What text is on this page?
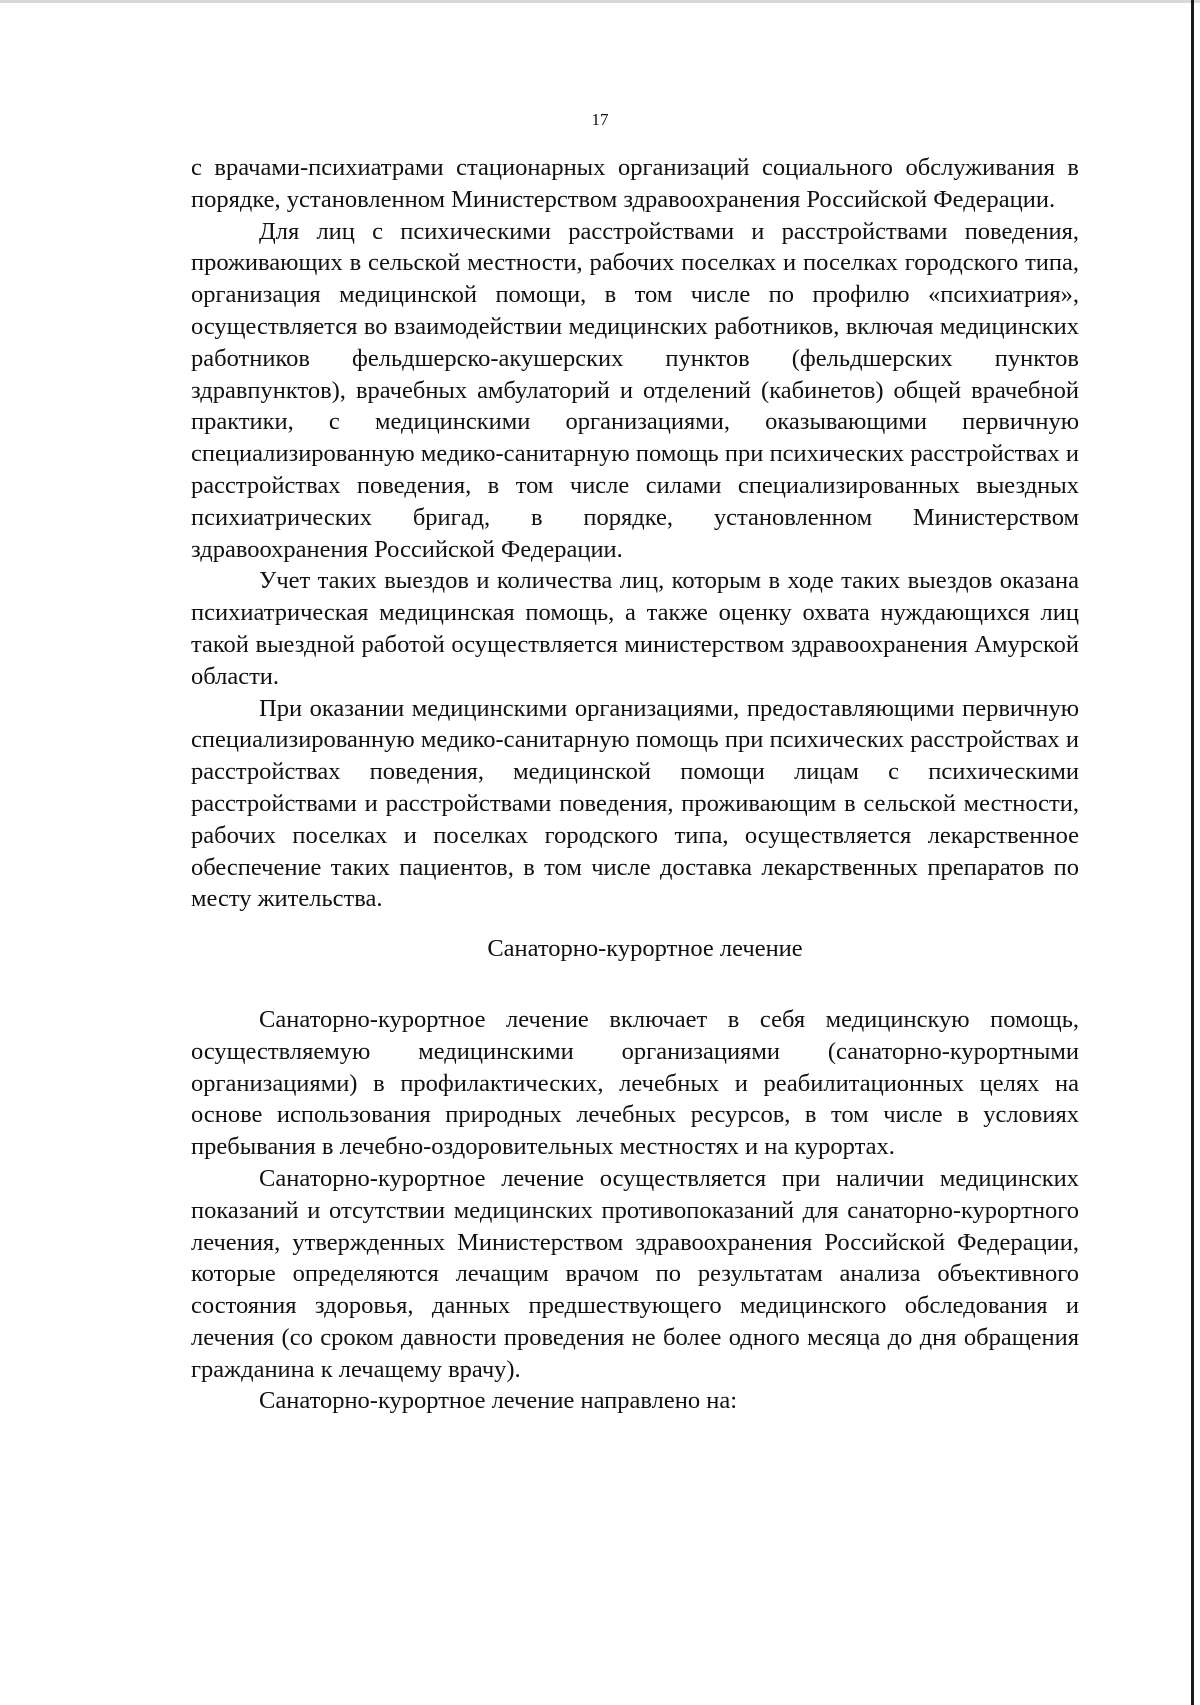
17

с врачами-психиатрами стационарных организаций социального обслуживания в порядке, установленном Министерством здравоохранения Российской Федерации.

Для лиц с психическими расстройствами и расстройствами поведения, проживающих в сельской местности, рабочих поселках и поселках городского типа, организация медицинской помощи, в том числе по профилю «психиатрия», осуществляется во взаимодействии медицинских работников, включая медицинских работников фельдшерско-акушерских пунктов (фельдшерских пунктов здравпунктов), врачебных амбулаторий и отделений (кабинетов) общей врачебной практики, с медицинскими организациями, оказывающими первичную специализированную медико-санитарную помощь при психических расстройствах и расстройствах поведения, в том числе силами специализированных выездных психиатрических бригад, в порядке, установленном Министерством здравоохранения Российской Федерации.

Учет таких выездов и количества лиц, которым в ходе таких выездов оказана психиатрическая медицинская помощь, а также оценку охвата нуждающихся лиц такой выездной работой осуществляется министерством здравоохранения Амурской области.

При оказании медицинскими организациями, предоставляющими первичную специализированную медико-санитарную помощь при психических расстройствах и расстройствах поведения, медицинской помощи лицам с психическими расстройствами и расстройствами поведения, проживающим в сельской местности, рабочих поселках и поселках городского типа, осуществляется лекарственное обеспечение таких пациентов, в том числе доставка лекарственных препаратов по месту жительства.

Санаторно-курортное лечение

Санаторно-курортное лечение включает в себя медицинскую помощь, осуществляемую медицинскими организациями (санаторно-курортными организациями) в профилактических, лечебных и реабилитационных целях на основе использования природных лечебных ресурсов, в том числе в условиях пребывания в лечебно-оздоровительных местностях и на курортах.

Санаторно-курортное лечение осуществляется при наличии медицинских показаний и отсутствии медицинских противопоказаний для санаторно-курортного лечения, утвержденных Министерством здравоохранения Российской Федерации, которые определяются лечащим врачом по результатам анализа объективного состояния здоровья, данных предшествующего медицинского обследования и лечения (со сроком давности проведения не более одного месяца до дня обращения гражданина к лечащему врачу).

Санаторно-курортное лечение направлено на:
